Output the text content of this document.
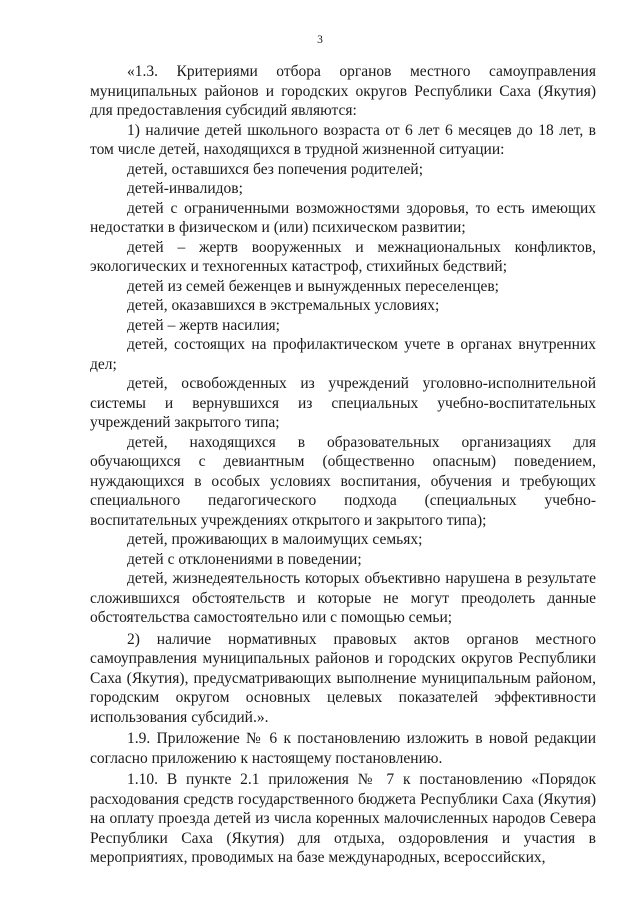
3

«1.3. Критериями отбора органов местного самоуправления муниципальных районов и городских округов Республики Саха (Якутия) для предоставления субсидий являются:

1) наличие детей школьного возраста от 6 лет 6 месяцев до 18 лет, в том числе детей, находящихся в трудной жизненной ситуации:

детей, оставшихся без попечения родителей;

детей-инвалидов;

детей с ограниченными возможностями здоровья, то есть имеющих недостатки в физическом и (или) психическом развитии;

детей – жертв вооруженных и межнациональных конфликтов, экологических и техногенных катастроф, стихийных бедствий;

детей из семей беженцев и вынужденных переселенцев;

детей, оказавшихся в экстремальных условиях;

детей – жертв насилия;

детей, состоящих на профилактическом учете в органах внутренних дел;

детей, освобожденных из учреждений уголовно-исполнительной системы и вернувшихся из специальных учебно-воспитательных учреждений закрытого типа;

детей, находящихся в образовательных организациях для обучающихся с девиантным (общественно опасным) поведением, нуждающихся в особых условиях воспитания, обучения и требующих специального педагогического подхода (специальных учебно-воспитательных учреждениях открытого и закрытого типа);

детей, проживающих в малоимущих семьях;

детей с отклонениями в поведении;

детей, жизнедеятельность которых объективно нарушена в результате сложившихся обстоятельств и которые не могут преодолеть данные обстоятельства самостоятельно или с помощью семьи;

2) наличие нормативных правовых актов органов местного самоуправления муниципальных районов и городских округов Республики Саха (Якутия), предусматривающих выполнение муниципальным районом, городским округом основных целевых показателей эффективности использования субсидий.».

1.9. Приложение № 6 к постановлению изложить в новой редакции согласно приложению к настоящему постановлению.

1.10. В пункте 2.1 приложения № 7 к постановлению «Порядок расходования средств государственного бюджета Республики Саха (Якутия) на оплату проезда детей из числа коренных малочисленных народов Севера Республики Саха (Якутия) для отдыха, оздоровления и участия в мероприятиях, проводимых на базе международных, всероссийских,
